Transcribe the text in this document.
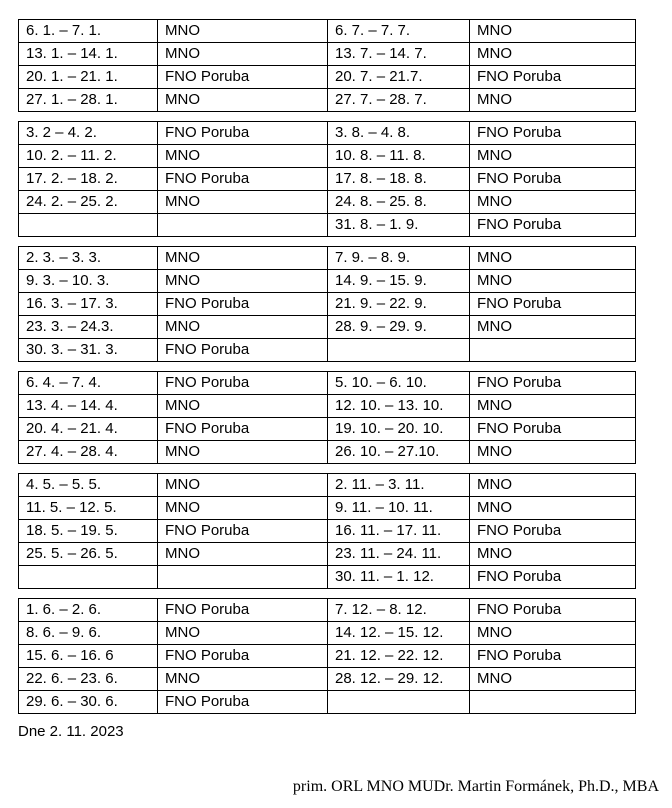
6. 1. – 7. 1.	MNO	6. 7. – 7. 7.	MNO
13. 1. – 14. 1.	MNO	13. 7. – 14. 7.	MNO
20. 1. – 21. 1.	FNO Poruba	20. 7. – 21.7.	FNO Poruba
27. 1. – 28. 1.	MNO	27. 7. – 28. 7.	MNO
3. 2 – 4. 2.	FNO Poruba	3. 8. – 4. 8.	FNO Poruba
10. 2. – 11. 2.	MNO	10. 8. – 11. 8.	MNO
17. 2. – 18. 2.	FNO Poruba	17. 8. – 18. 8.	FNO Poruba
24. 2. – 25. 2.	MNO	24. 8. – 25. 8.	MNO
		31. 8. – 1. 9.	FNO Poruba
2. 3. – 3. 3.	MNO	7. 9. – 8. 9.	MNO
9. 3. – 10. 3.	MNO	14. 9. – 15. 9.	MNO
16. 3. – 17. 3.	FNO Poruba	21. 9. – 22. 9.	FNO Poruba
23. 3. – 24.3.	MNO	28. 9. – 29. 9.	MNO
30. 3. – 31. 3.	FNO Poruba		
6. 4. – 7. 4.	FNO Poruba	5. 10. – 6. 10.	FNO Poruba
13. 4. – 14. 4.	MNO	12. 10. – 13. 10.	MNO
20. 4. – 21. 4.	FNO Poruba	19. 10. – 20. 10.	FNO Poruba
27. 4. – 28. 4.	MNO	26. 10. – 27.10.	MNO
4. 5. – 5. 5.	MNO	2. 11. – 3. 11.	MNO
11. 5. – 12. 5.	MNO	9. 11. – 10. 11.	MNO
18. 5. – 19. 5.	FNO Poruba	16. 11. – 17. 11.	FNO Poruba
25. 5. – 26. 5.	MNO	23. 11. – 24. 11.	MNO
		30. 11. – 1. 12.	FNO Poruba
1. 6. – 2. 6.	FNO Poruba	7. 12. – 8. 12.	FNO Poruba
8. 6. – 9. 6.	MNO	14. 12. – 15. 12.	MNO
15. 6. – 16. 6	FNO Poruba	21. 12. – 22. 12.	FNO Poruba
22. 6. – 23. 6.	MNO	28. 12. – 29. 12.	MNO
29. 6. – 30. 6.	FNO Poruba		
Dne 2. 11. 2023
prim. ORL MNO MUDr. Martin Formánek, Ph.D., MBA
